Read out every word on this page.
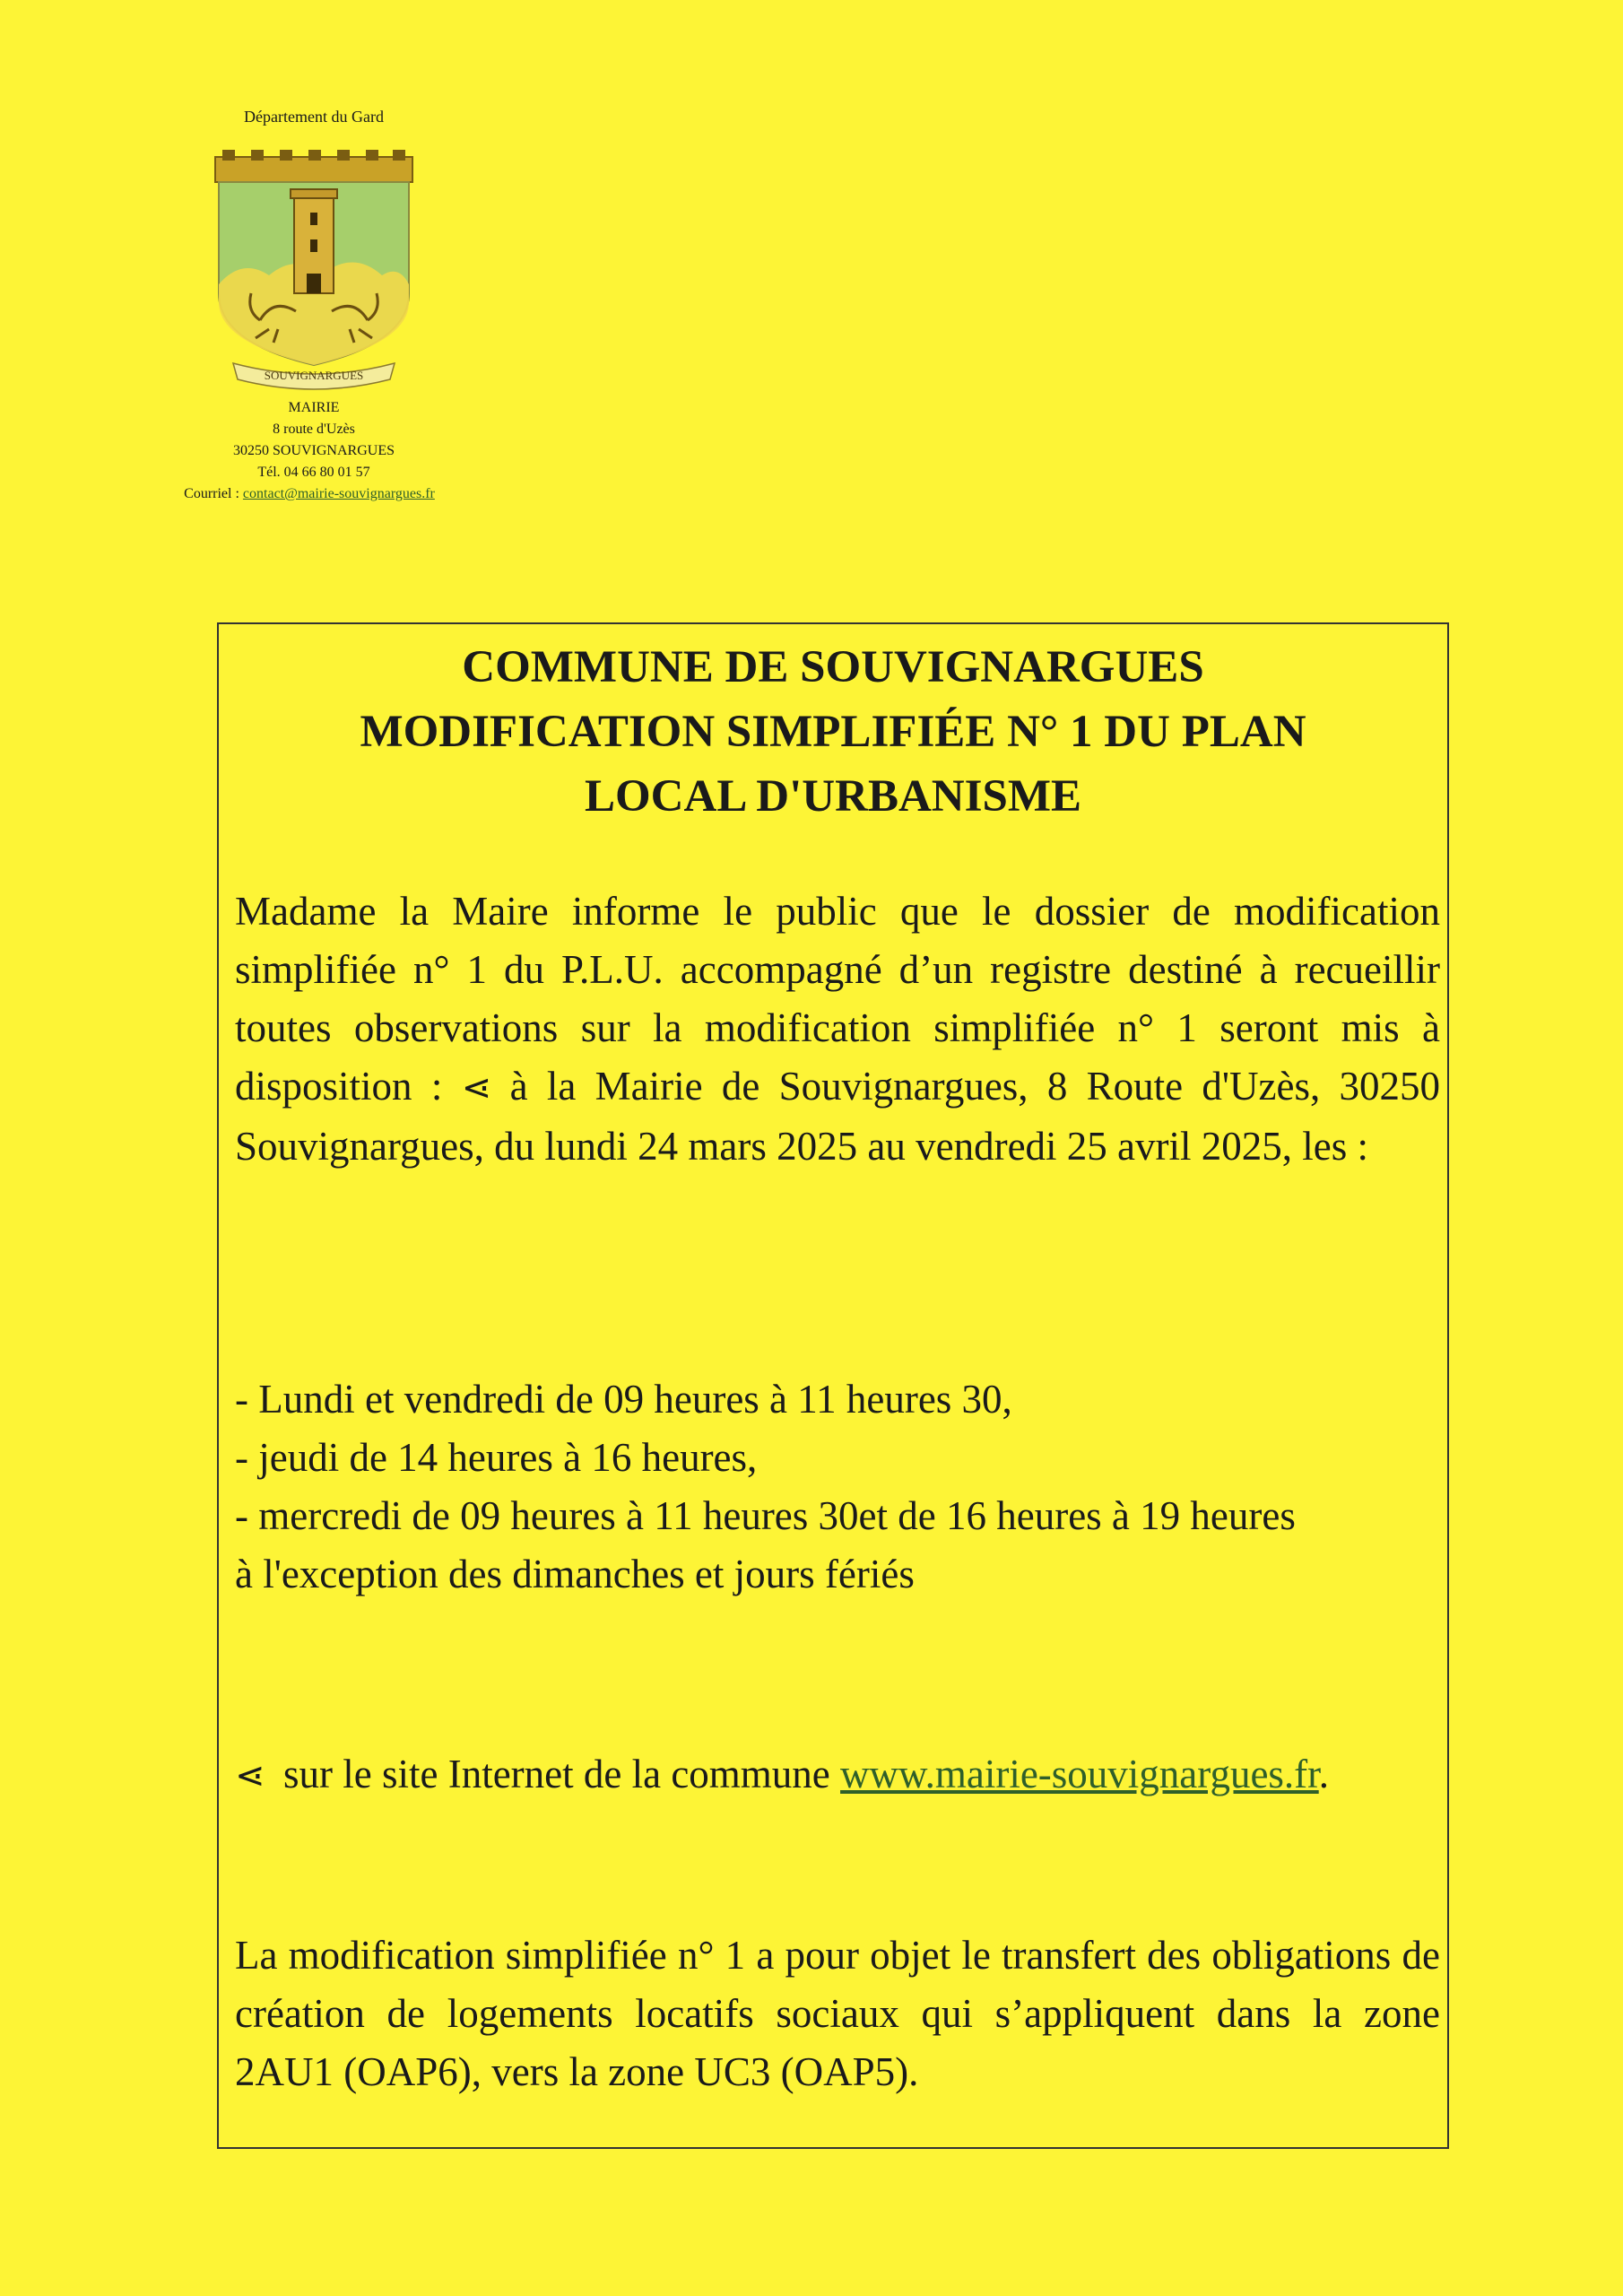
Département du Gard
SOUVIGNARGUES
MAIRIE
8 route d'Uzès
30250 SOUVIGNARGUES
Tél. 04 66 80 01 57
Courriel : contact@mairie-souvignargues.fr
COMMUNE DE SOUVIGNARGUES
MODIFICATION SIMPLIFIÉE N° 1 DU PLAN
LOCAL D'URBANISME
Madame la Maire informe le public que le dossier de modification simplifiée n° 1 du P.L.U. accompagné d’un registre destiné à recueillir toutes observations sur la modification simplifiée n° 1 seront mis à disposition : ⋖ à la Mairie de Souvignargues, 8 Route d'Uzès, 30250 Souvignargues, du lundi 24 mars 2025 au vendredi 25 avril 2025, les :
- Lundi et vendredi de 09 heures à 11 heures 30,
- jeudi de 14 heures à 16 heures,
- mercredi de 09 heures à 11 heures 30et de 16 heures à 19 heures
à l'exception des dimanches et jours fériés
⋖ sur le site Internet de la commune www.mairie-souvignargues.fr.
La modification simplifiée n° 1 a pour objet le transfert des obligations de création de logements locatifs sociaux qui s’appliquent dans la zone 2AU1 (OAP6), vers la zone UC3 (OAP5).
